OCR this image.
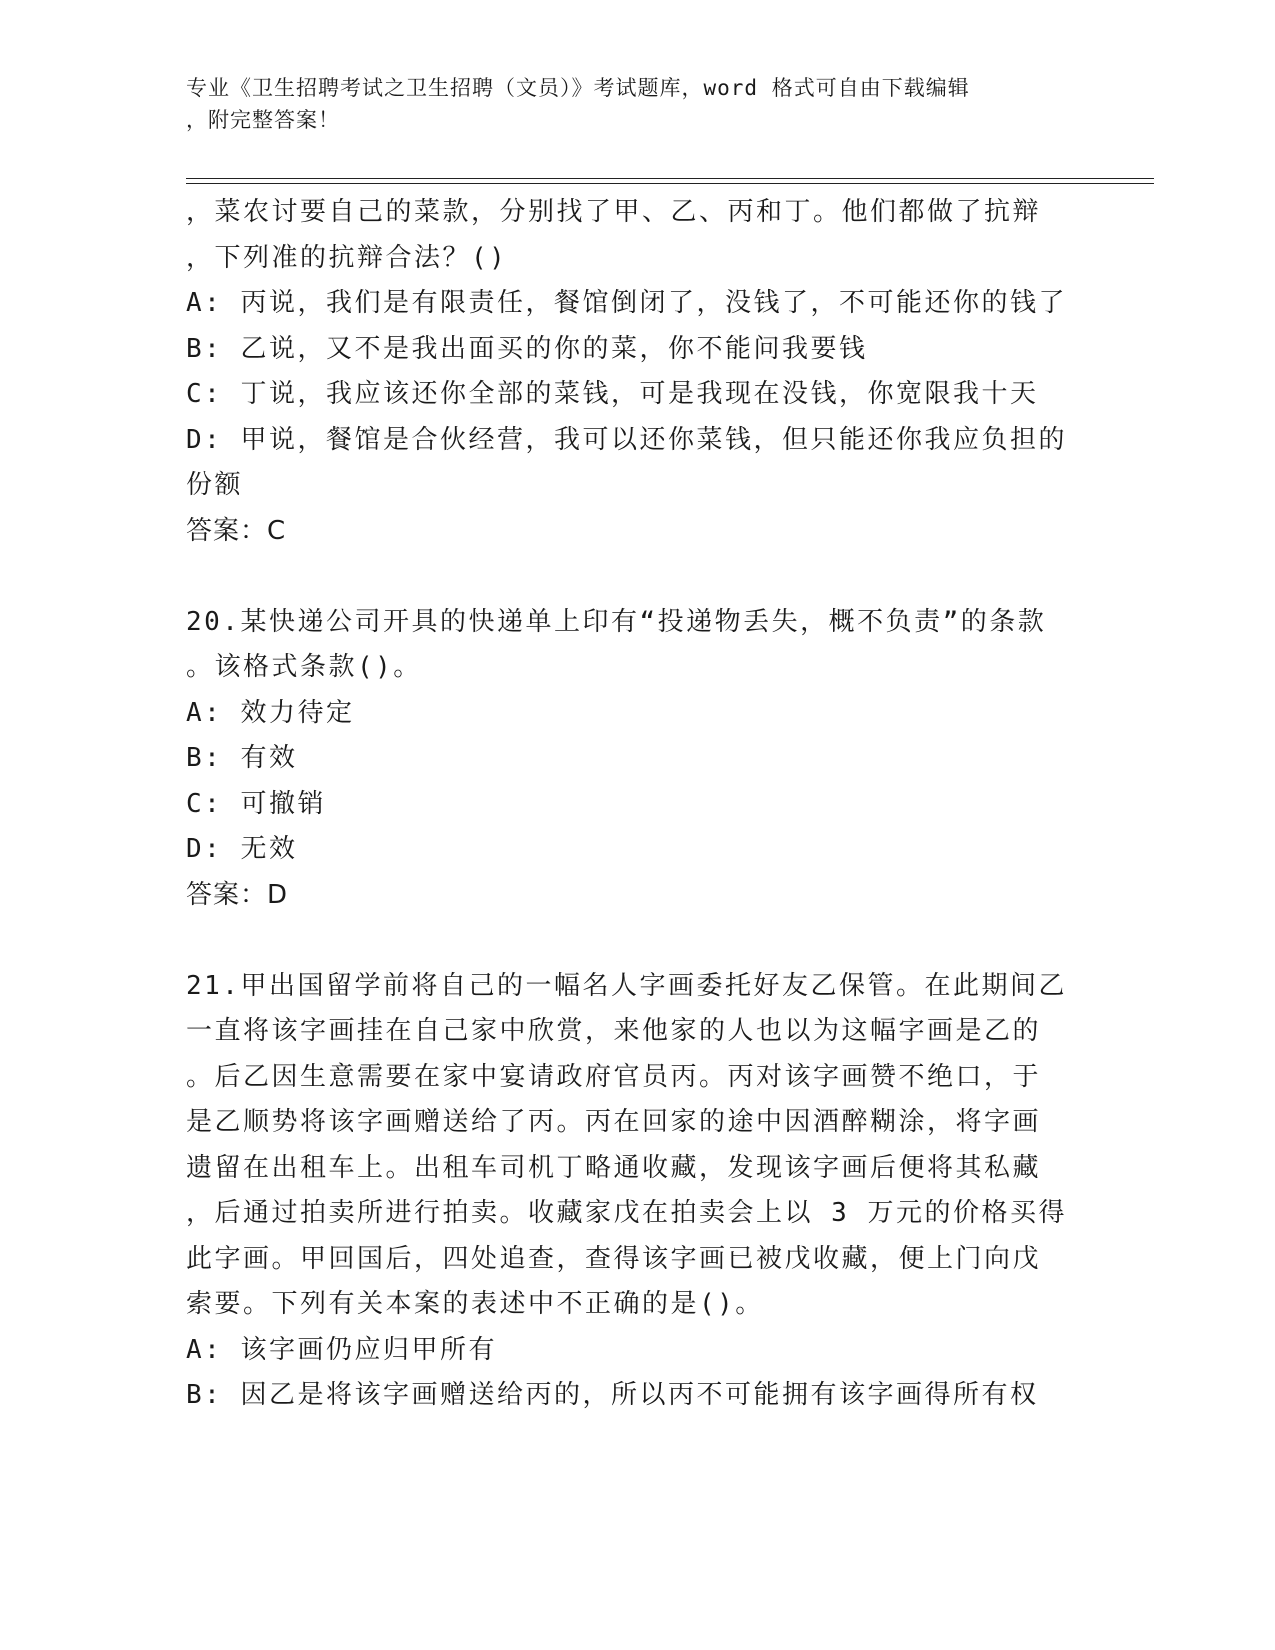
专业《卫生招聘考试之卫生招聘（文员）》考试题库，word 格式可自由下载编辑
，附完整答案！
，菜农讨要自己的菜款，分别找了甲、乙、丙和丁。他们都做了抗辩
，下列准的抗辩合法？()
A: 丙说，我们是有限责任，餐馆倒闭了，没钱了，不可能还你的钱了
B: 乙说，又不是我出面买的你的菜，你不能问我要钱
C: 丁说，我应该还你全部的菜钱，可是我现在没钱，你宽限我十天
D: 甲说，餐馆是合伙经营，我可以还你菜钱，但只能还你我应负担的
份额
答案：C
20.某快递公司开具的快递单上印有“投递物丢失，概不负责”的条款
。该格式条款()。
A: 效力待定
B: 有效
C: 可撤销
D: 无效
答案：D
21.甲出国留学前将自己的一幅名人字画委托好友乙保管。在此期间乙
一直将该字画挂在自己家中欣赏，来他家的人也以为这幅字画是乙的
。后乙因生意需要在家中宴请政府官员丙。丙对该字画赞不绝口，于
是乙顺势将该字画赠送给了丙。丙在回家的途中因酒醉糊涂，将字画
遗留在出租车上。出租车司机丁略通收藏，发现该字画后便将其私藏
，后通过拍卖所进行拍卖。收藏家戊在拍卖会上以 3 万元的价格买得
此字画。甲回国后，四处追查，查得该字画已被戊收藏，便上门向戊
索要。下列有关本案的表述中不正确的是()。
A: 该字画仍应归甲所有
B: 因乙是将该字画赠送给丙的，所以丙不可能拥有该字画得所有权
